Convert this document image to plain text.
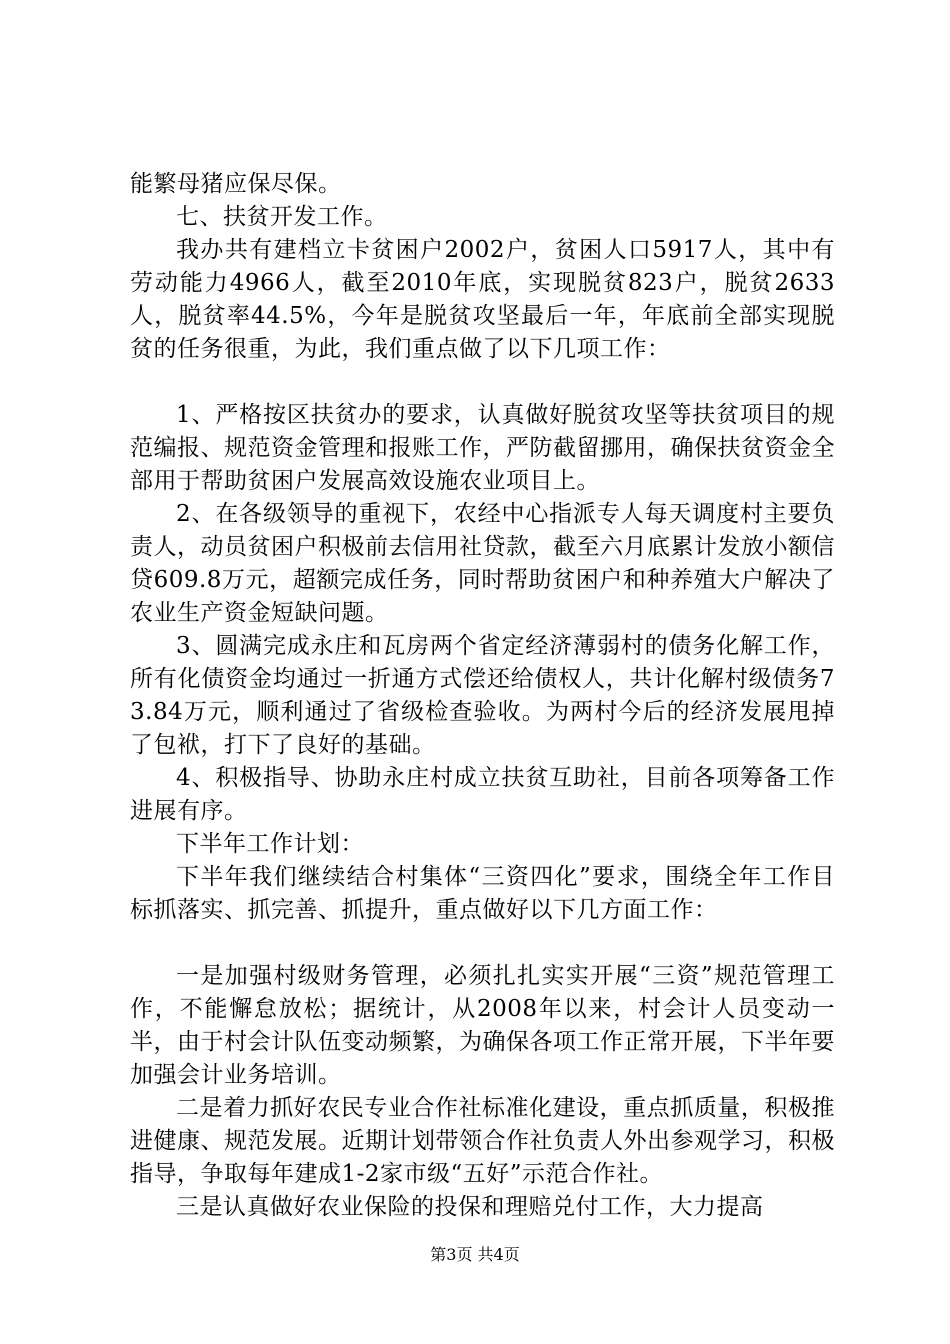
能繁母猪应保尽保。

七、扶贫开发工作。

我办共有建档立卡贫困户2002户，贫困人口5917人，其中有劳动能力4966人，截至2010年底，实现脱贫823户，脱贫2633人，脱贫率44.5%，今年是脱贫攻坚最后一年，年底前全部实现脱贫的任务很重，为此，我们重点做了以下几项工作：

1、严格按区扶贫办的要求，认真做好脱贫攻坚等扶贫项目的规范编报、规范资金管理和报账工作，严防截留挪用，确保扶贫资金全部用于帮助贫困户发展高效设施农业项目上。

2、在各级领导的重视下，农经中心指派专人每天调度村主要负责人，动员贫困户积极前去信用社贷款，截至六月底累计发放小额信贷609.8万元，超额完成任务，同时帮助贫困户和种养殖大户解决了农业生产资金短缺问题。

3、圆满完成永庄和瓦房两个省定经济薄弱村的债务化解工作，所有化债资金均通过一折通方式偿还给债权人，共计化解村级债务73.84万元，顺利通过了省级检查验收。为两村今后的经济发展甩掉了包袱，打下了良好的基础。

4、积极指导、协助永庄村成立扶贫互助社，目前各项筹备工作进展有序。

下半年工作计划：

下半年我们继续结合村集体“三资四化”要求，围绕全年工作目标抓落实、抓完善、抓提升，重点做好以下几方面工作：

一是加强村级财务管理，必须扎扎实实开展“三资”规范管理工作，不能懈怠放松；据统计，从2008年以来，村会计人员变动一半，由于村会计队伍变动频繁，为确保各项工作正常开展，下半年要加强会计业务培训。

二是着力抓好农民专业合作社标准化建设，重点抓质量，积极推进健康、规范发展。近期计划带领合作社负责人外出参观学习，积极指导，争取每年建成1-2家市级“五好”示范合作社。

三是认真做好农业保险的投保和理赔兑付工作，大力提高

第3页 共4页
